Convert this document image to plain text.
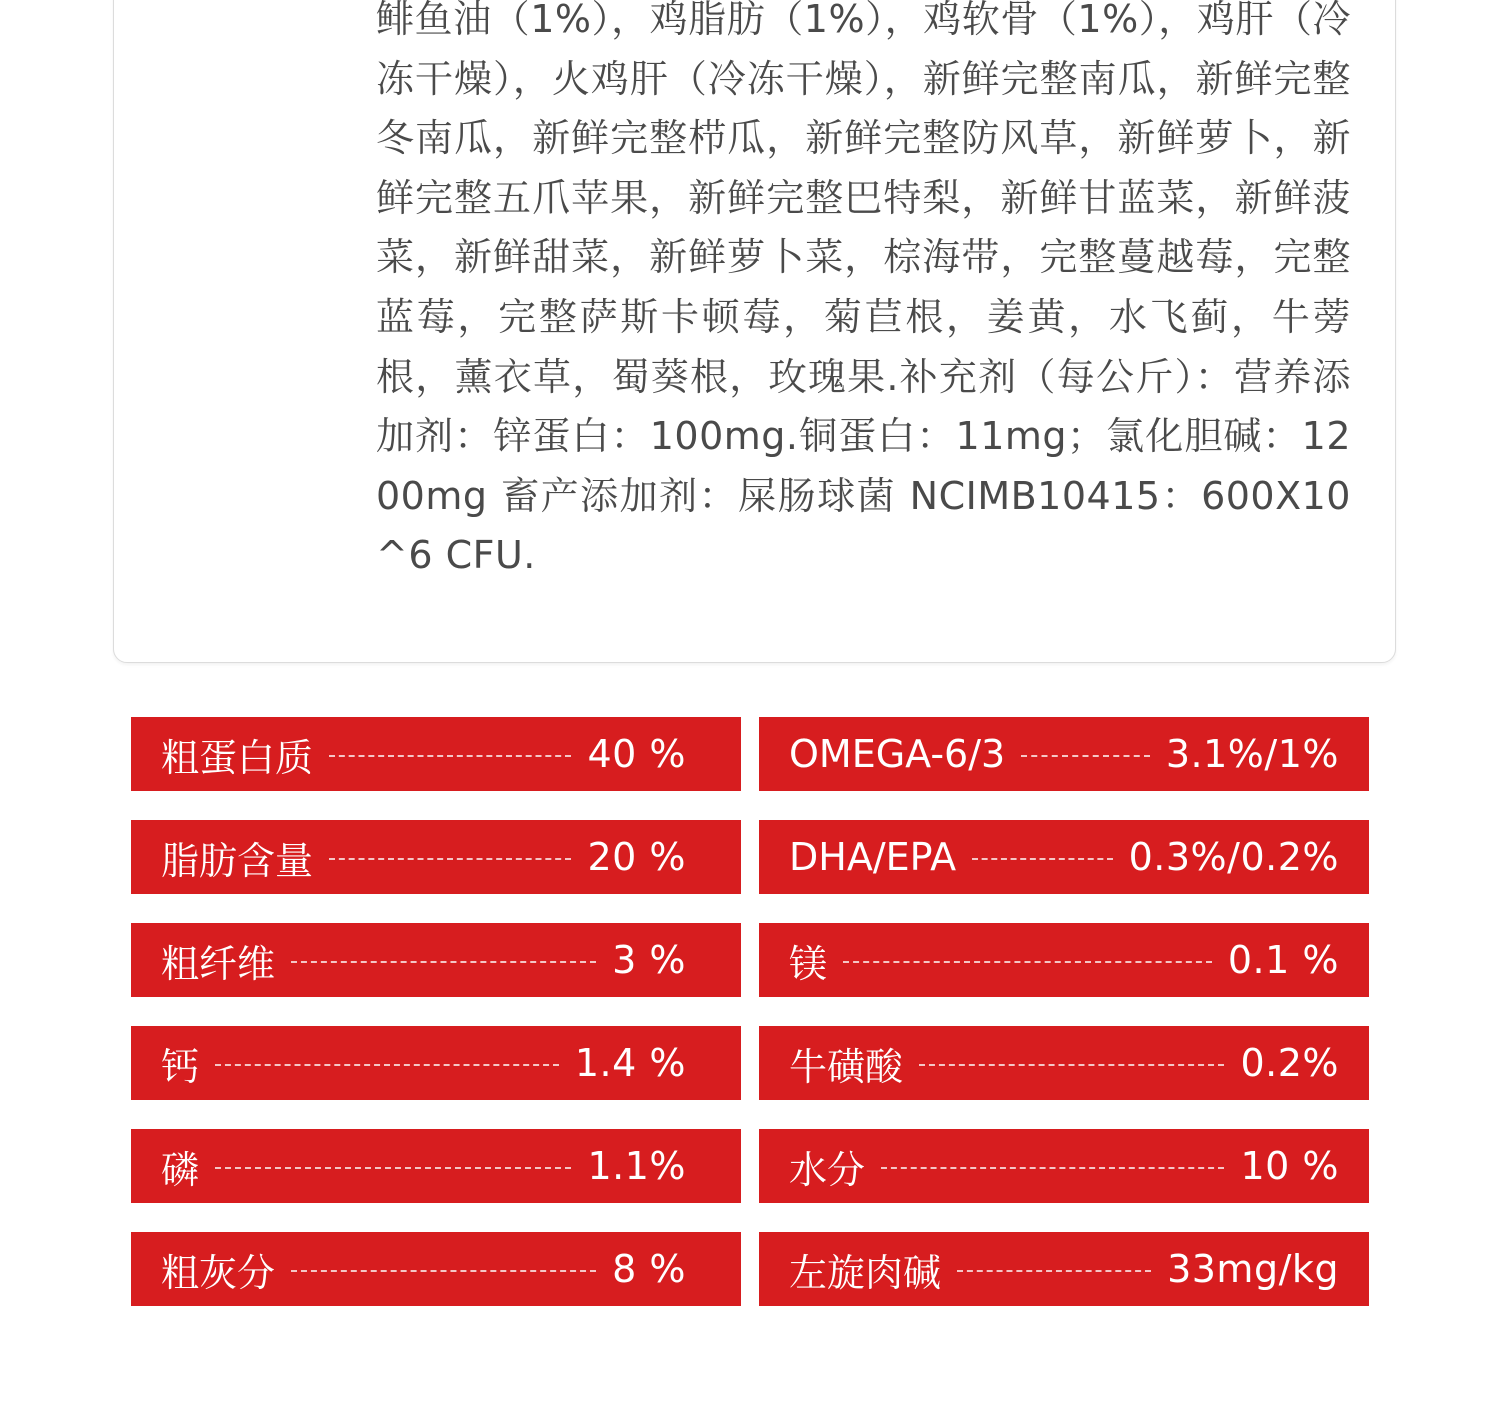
鲱鱼油（1%），鸡脂肪（1%），鸡软骨（1%），鸡肝（冷冻干燥），火鸡肝（冷冻干燥），新鲜完整南瓜，新鲜完整冬南瓜，新鲜完整栉瓜，新鲜完整防风草，新鲜萝卜，新鲜完整五爪苹果，新鲜完整巴特梨，新鲜甘蓝菜，新鲜菠菜，新鲜甜菜，新鲜萝卜菜，棕海带，完整蔓越莓，完整蓝莓，完整萨斯卡顿莓，菊苣根，姜黄，水飞蓟，牛蒡根，薰衣草，蜀葵根，玫瑰果.补充剂（每公斤）：营养添加剂：锌蛋白：100mg.铜蛋白：11mg；氯化胆碱：1200mg 畜产添加剂：屎肠球菌 NCIMB10415：600X10^6 CFU.

粗蛋白质	40 %	OMEGA-6/3	3.1%/1%
脂肪含量	20 %	DHA/EPA	0.3%/0.2%
粗纤维	3 %	镁	0.1 %
钙	1.4 %	牛磺酸	0.2%
磷	1.1%	水分	10 %
粗灰分	8 %	左旋肉碱	33mg/kg
